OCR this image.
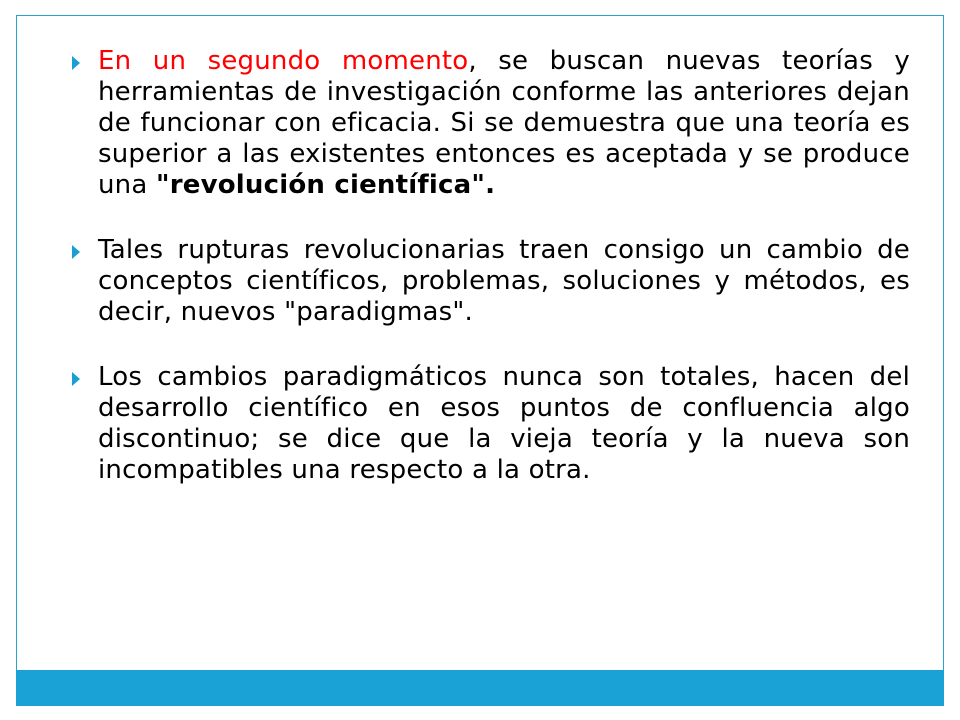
En un segundo momento, se buscan nuevas teorías y herramientas de investigación conforme las anteriores dejan de funcionar con eficacia. Si se demuestra que una teoría es superior a las existentes entonces es aceptada y se produce una "revolución científica".
Tales rupturas revolucionarias traen consigo un cambio de conceptos científicos, problemas, soluciones y métodos, es decir, nuevos "paradigmas".
Los cambios paradigmáticos nunca son totales, hacen del desarrollo científico en esos puntos de confluencia algo discontinuo; se dice que la vieja teoría y la nueva son incompatibles una respecto a la otra.
